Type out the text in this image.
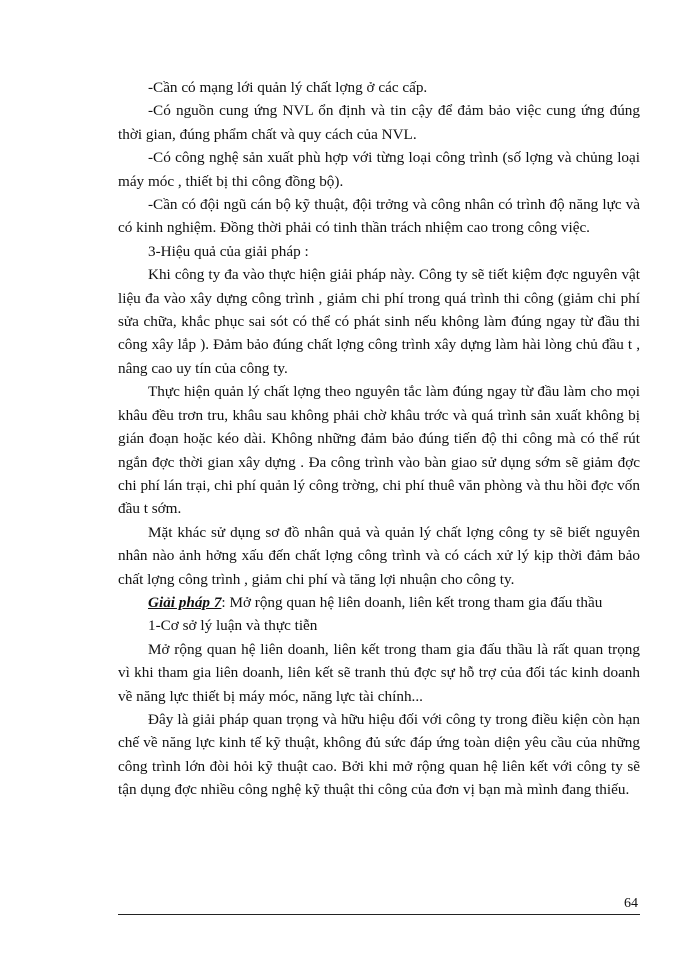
-Cần có mạng lới quản lý chất lợng ở các cấp.

-Có nguồn cung ứng NVL ổn định và tin cậy để đảm bảo việc cung ứng đúng thời gian, đúng phẩm chất và quy cách của NVL.

-Có công nghệ sản xuất phù hợp với từng loại công trình (số lợng và chủng loại máy móc , thiết bị thi công đồng bộ).

-Cần có đội ngũ cán bộ kỹ thuật, đội trởng và công nhân có trình độ năng lực và có kinh nghiệm. Đồng thời phải có tinh thần trách nhiệm cao trong công việc.

3-Hiệu quả của giải pháp :

Khi công ty đa vào thực hiện giải pháp này. Công ty sẽ tiết kiệm đợc nguyên vật liệu đa vào xây dựng công trình , giảm chi phí trong quá trình thi công (giảm chi phí sửa chữa, khắc phục sai sót có thể có phát sinh nếu không làm đúng ngay từ đầu thi công xây lắp ). Đảm bảo đúng chất lợng công trình xây dựng làm hài lòng chủ đầu t , nâng cao uy tín của công ty.

Thực hiện quản lý chất lợng theo nguyên tắc làm đúng ngay từ đầu làm cho mọi khâu đều trơn tru, khâu sau không phải chờ khâu trớc và quá trình sản xuất không bị gián đoạn hoặc kéo dài. Không những đảm bảo đúng tiến độ thi công mà có thể rút ngắn đợc thời gian xây dựng . Đa công trình vào bàn giao sử dụng sớm sẽ giảm đợc chi phí lán trại, chi phí quản lý công trờng, chi phí thuê văn phòng và thu hồi đợc vốn đầu t sớm.

Mặt khác sử dụng sơ đồ nhân quả và quản lý chất lợng công ty sẽ biết nguyên nhân nào ảnh hởng xấu đến chất lợng công trình và có cách xử lý kịp thời đảm bảo chất lợng công trình , giảm chi phí và tăng lợi nhuận cho công ty.

Giải pháp 7: Mở rộng quan hệ liên doanh, liên kết trong tham gia đấu thầu

1-Cơ sở lý luận và thực tiễn

Mở rộng quan hệ liên doanh, liên kết trong tham gia đấu thầu là rất quan trọng vì khi tham gia liên doanh, liên kết sẽ tranh thủ đợc sự hỗ trợ của đối tác kinh doanh về năng lực thiết bị máy móc, năng lực tài chính...

Đây là giải pháp quan trọng và hữu hiệu đối với công ty trong điều kiện còn hạn chế về năng lực kinh tế kỹ thuật, không đủ sức đáp ứng toàn diện yêu cầu của những công trình lớn đòi hỏi kỹ thuật cao. Bởi khi mở rộng quan hệ liên kết với công ty sẽ tận dụng đợc nhiều công nghệ kỹ thuật thi công của đơn vị bạn mà mình đang thiếu.

64
